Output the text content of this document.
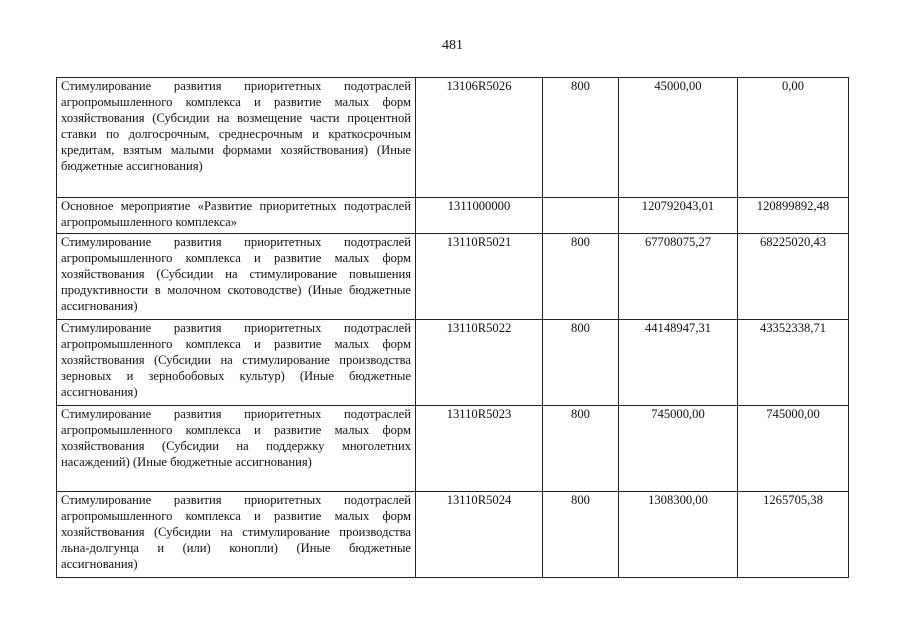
481
Стимулирование развития приоритетных подотраслей агропромышленного комплекса и развитие малых форм хозяйствования (Субсидии на возмещение части процентной ставки по долгосрочным, среднесрочным и краткосрочным кредитам, взятым малыми формами хозяйствования) (Иные бюджетные ассигнования)	13106R5026	800	45000,00	0,00
Основное мероприятие «Развитие приоритетных подотраслей агропромышленного комплекса»	1311000000		120792043,01	120899892,48
Стимулирование развития приоритетных подотраслей агропромышленного комплекса и развитие малых форм хозяйствования (Субсидии на стимулирование повышения продуктивности в молочном скотоводстве) (Иные бюджетные ассигнования)	13110R5021	800	67708075,27	68225020,43
Стимулирование развития приоритетных подотраслей агропромышленного комплекса и развитие малых форм хозяйствования (Субсидии на стимулирование производства зерновых и зернобобовых культур) (Иные бюджетные ассигнования)	13110R5022	800	44148947,31	43352338,71
Стимулирование развития приоритетных подотраслей агропромышленного комплекса и развитие малых форм хозяйствования (Субсидии на поддержку многолетних насаждений) (Иные бюджетные ассигнования)	13110R5023	800	745000,00	745000,00
Стимулирование развития приоритетных подотраслей агропромышленного комплекса и развитие малых форм хозяйствования (Субсидии на стимулирование производства льна-долгунца и (или) конопли) (Иные бюджетные ассигнования)	13110R5024	800	1308300,00	1265705,38
